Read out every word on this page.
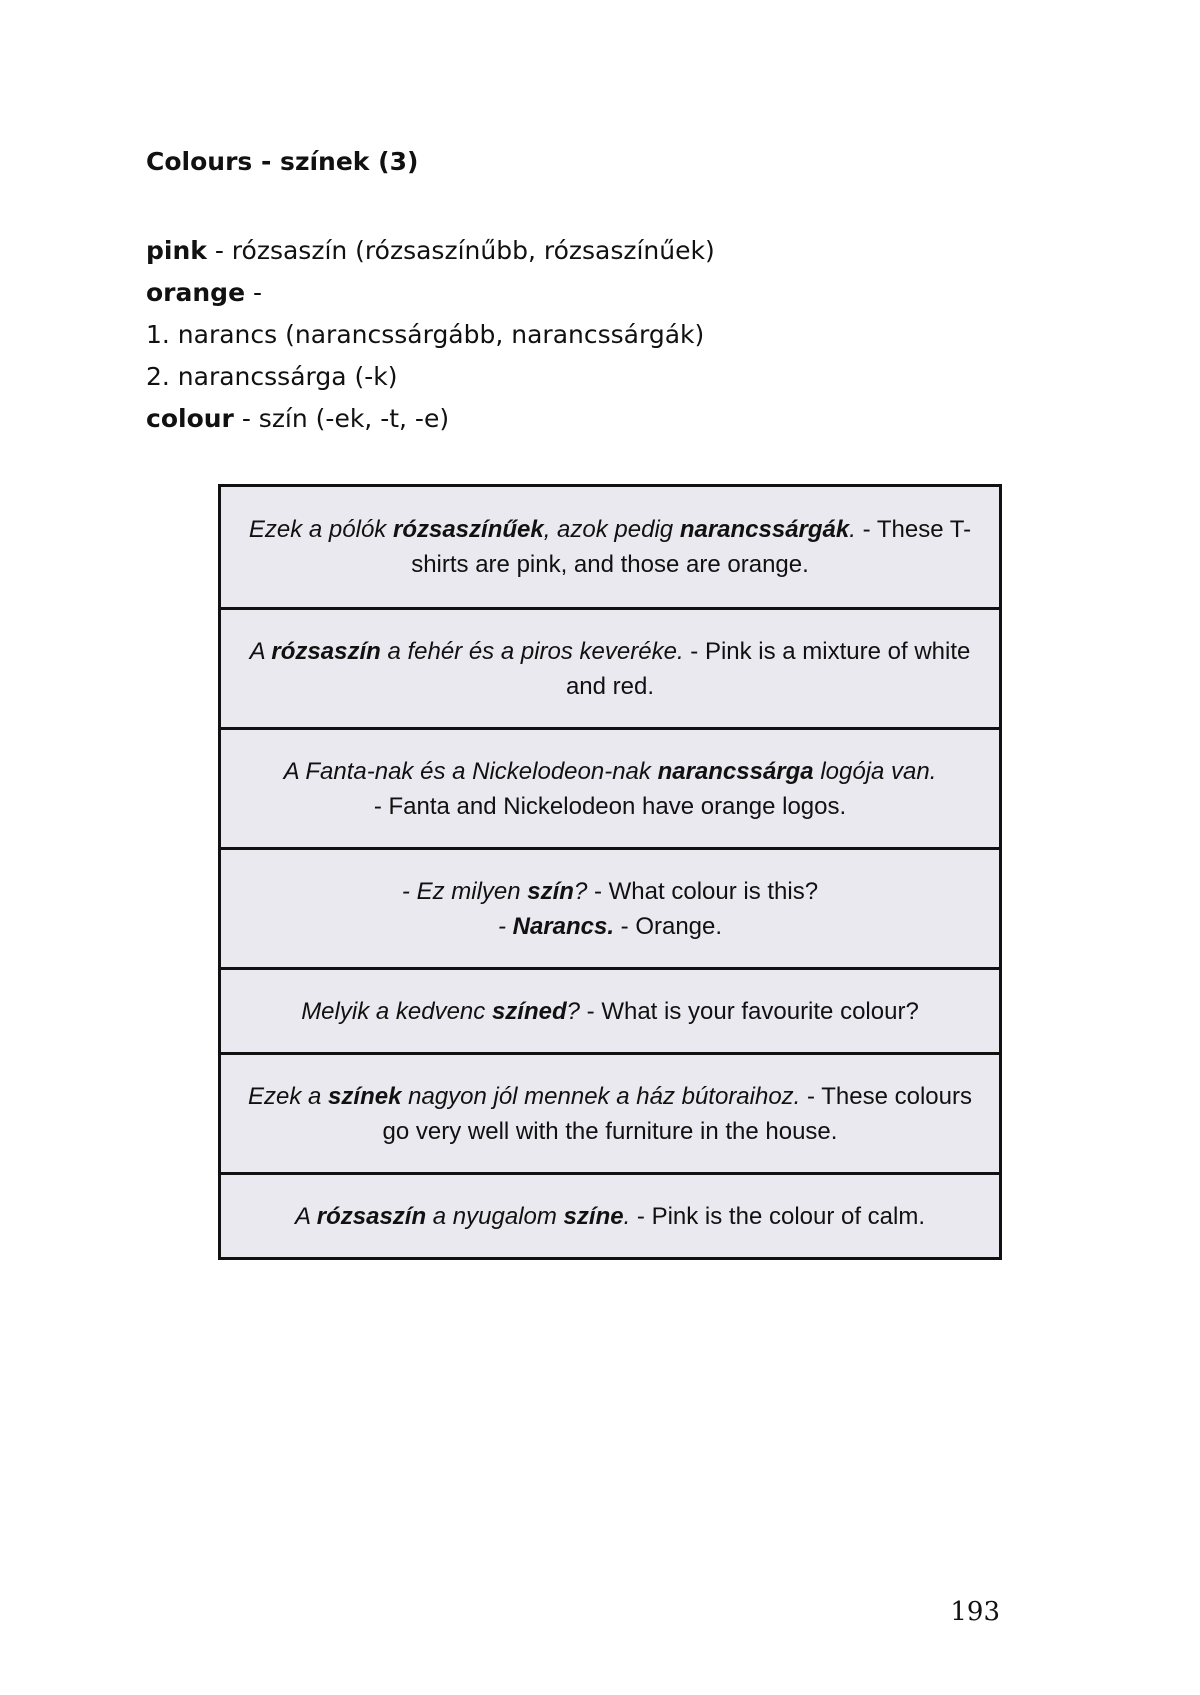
Colours - színek (3)
pink - rózsaszín (rózsaszínűbb, rózsaszínűek)
orange -
1. narancs (narancssárgább, narancssárgák)
2. narancssárga (-k)
colour - szín (-ek, -t, -e)
Ezek a pólók rózsaszínűek, azok pedig narancssárgák. - These T-shirts are pink, and those are orange.
A rózsaszín a fehér és a piros keveréke. - Pink is a mixture of white and red.
A Fanta-nak és a Nickelodeon-nak narancssárga logója van.
- Fanta and Nickelodeon have orange logos.
- Ez milyen szín? - What colour is this?
- Narancs. - Orange.
Melyik a kedvenc színed? - What is your favourite colour?
Ezek a színek nagyon jól mennek a ház bútoraihoz. - These colours go very well with the furniture in the house.
A rózsaszín a nyugalom színe. - Pink is the colour of calm.
193
